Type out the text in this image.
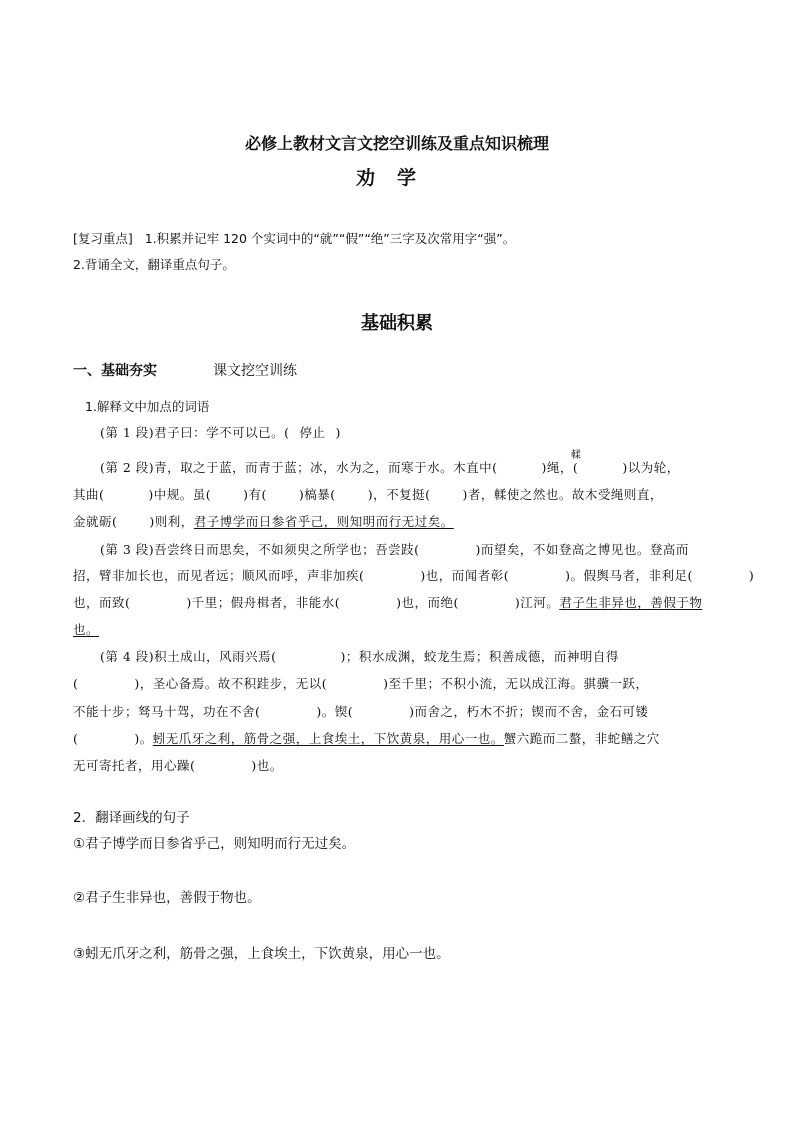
必修上教材文言文挖空训练及重点知识梳理
劝学
[复习重点] 1.积累并记牢 120 个实词中的“就”“假”“绝”三字及次常用字“强”。
2.背诵全文，翻译重点句子。
基础积累
一、基础夯实	课文挖空训练
1.解释文中加点的词语
(第 1 段)君子曰：学不可以已。( 停止 )
(第 2 段)青，取之于蓝，而青于蓝；冰，水为之，而寒于水。木直中(	)绳，
輮
(	)以为轮，
其曲(	)中规。虽(	)有(	)槁暴(	)，不复挺(	)者，輮使之然也。故木受绳则直，
金就砺(	)则利，君子博学而日参省乎己，则知明而行无过矣。
(第 3 段)吾尝终日而思矣，不如须臾之所学也；吾尝跂(	)而望矣，不如登高之博见也。登高而
招，臂非加长也，而见者远；顺风而呼，声非加疾(	)也，而闻者彰(	)。假舆马者，非利足(	)
也，而致(	)千里；假舟楫者，非能水(	)也，而绝(	)江河。君子生非异也，善假于物
也。
(第 4 段)积土成山，风雨兴焉(	)；积水成渊，蛟龙生焉；积善成德，而神明自得
(	)，圣心备焉。故不积跬步，无以(	)至千里；不积小流，无以成江海。骐骥一跃，
不能十步；驽马十驾，功在不舍(	)。锲(	)而舍之，朽木不折；锲而不舍，金石可镂
(	)。蚓无爪牙之利，筋骨之强，上食埃土，下饮黄泉，用心一也。蟹六跪而二螯，非蛇鳝之穴
无可寄托者，用心躁(	)也。
2．翻译画线的句子
①君子博学而日参省乎己，则知明而行无过矣。
②君子生非异也，善假于物也。
③蚓无爪牙之利，筋骨之强，上食埃土，下饮黄泉，用心一也。
